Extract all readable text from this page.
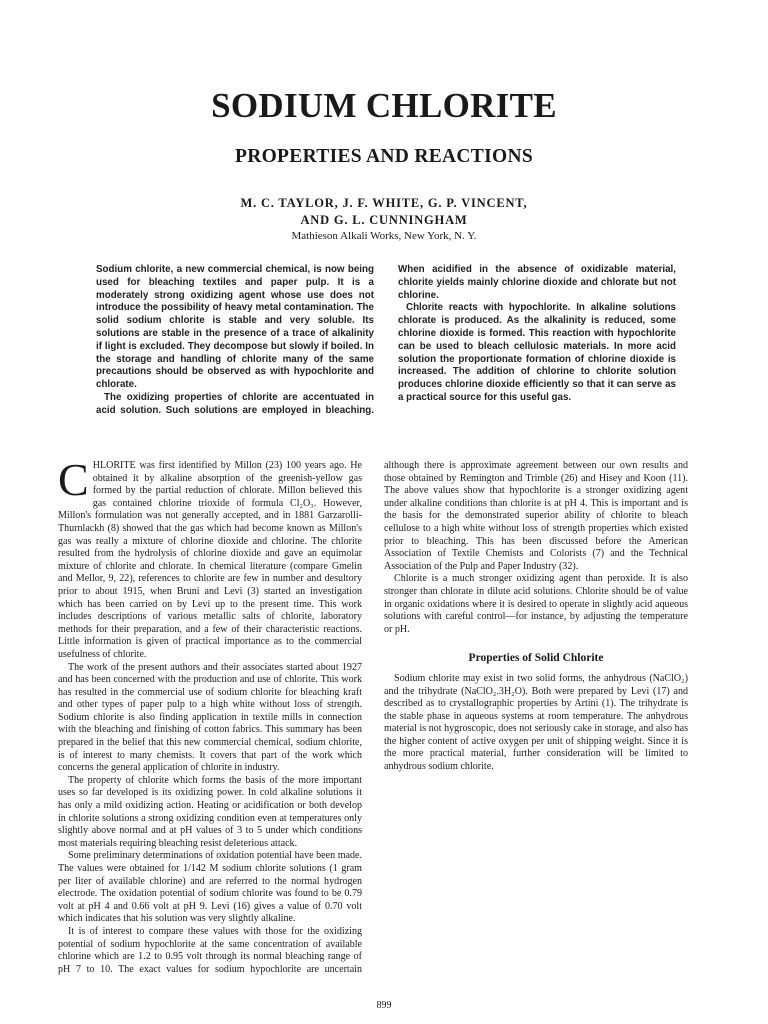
SODIUM CHLORITE
PROPERTIES AND REACTIONS
M. C. TAYLOR, J. F. WHITE, G. P. VINCENT,
AND G. L. CUNNINGHAM
Mathieson Alkali Works, New York, N. Y.

Sodium chlorite, a new commercial chemical, is now being used for bleaching textiles and paper pulp. It is a moderately strong oxidizing agent whose use does not introduce the possibility of heavy metal contamination. The solid sodium chlorite is stable and very soluble. Its solutions are stable in the presence of a trace of alkalinity if light is excluded. They decompose but slowly if boiled. In the storage and handling of chlorite many of the same precautions should be observed as with hypochlorite and chlorate.

The oxidizing properties of chlorite are accentuated in acid solution. Such solutions are employed in bleaching. When acidified in the absence of oxidizable material, chlorite yields mainly chlorine dioxide and chlorate but not chlorine.

Chlorite reacts with hypochlorite. In alkaline solutions chlorate is produced. As the alkalinity is reduced, some chlorine dioxide is formed. This reaction with hypochlorite can be used to bleach cellulosic materials. In more acid solution the proportionate formation of chlorine dioxide is increased. The addition of chlorine to chlorite solution produces chlorine dioxide efficiently so that it can serve as a practical source for this useful gas.

CHLORITE was first identified by Millon (23) 100 years ago. He obtained it by alkaline absorption of the greenish-yellow gas formed by the partial reduction of chlorate. Millon believed this gas contained chlorine trioxide of formula Cl₂O₃. However, Millon's formulation was not generally accepted, and in 1881 Garzarolli-Thurnlackh (8) showed that the gas which had become known as Millon's gas was really a mixture of chlorine dioxide and chlorine. The chlorite resulted from the hydrolysis of chlorine dioxide and gave an equimolar mixture of chlorite and chlorate. In chemical literature (compare Gmelin and Mellor, 9, 22), references to chlorite are few in number and desultory prior to about 1915, when Bruni and Levi (3) started an investigation which has been carried on by Levi up to the present time. This work includes descriptions of various metallic salts of chlorite, laboratory methods for their preparation, and a few of their characteristic reactions. Little information is given of practical importance as to the commercial usefulness of chlorite.

The work of the present authors and their associates started about 1927 and has been concerned with the production and use of chlorite. This work has resulted in the commercial use of sodium chlorite for bleaching kraft and other types of paper pulp to a high white without loss of strength. Sodium chlorite is also finding application in textile mills in connection with the bleaching and finishing of cotton fabrics. This summary has been prepared in the belief that this new commercial chemical, sodium chlorite, is of interest to many chemists. It covers that part of the work which concerns the general application of chlorite in industry.

The property of chlorite which forms the basis of the more important uses so far developed is its oxidizing power. In cold alkaline solutions it has only a mild oxidizing action. Heating or acidification or both develop in chlorite solutions a strong oxidizing condition even at temperatures only slightly above normal and at pH values of 3 to 5 under which conditions most materials requiring bleaching resist deleterious attack.

Some preliminary determinations of oxidation potential have been made. The values were obtained for 1/142 M sodium chlorite solutions (1 gram per liter of available chlorine) and are referred to the normal hydrogen electrode. The oxidation potential of sodium chlorite was found to be 0.79 volt at pH 4 and 0.66 volt at pH 9. Levi (16) gives a value of 0.70 volt which indicates that his solution was very slightly alkaline.

It is of interest to compare these values with those for the oxidizing potential of sodium hypochlorite at the same concentration of available chlorine which are 1.2 to 0.95 volt through its normal bleaching range of pH 7 to 10. The exact values for sodium hypochlorite are uncertain although there is approximate agreement between our own results and those obtained by Remington and Trimble (26) and Hisey and Koon (11). The above values show that hypochlorite is a stronger oxidizing agent under alkaline conditions than chlorite is at pH 4. This is important and is the basis for the demonstrated superior ability of chlorite to bleach cellulose to a high white without loss of strength properties which existed prior to bleaching. This has been discussed before the American Association of Textile Chemists and Colorists (7) and the Technical Association of the Pulp and Paper Industry (32).

Chlorite is a much stronger oxidizing agent than peroxide. It is also stronger than chlorate in dilute acid solutions. Chlorite should be of value in organic oxidations where it is desired to operate in slightly acid aqueous solutions with careful control—for instance, by adjusting the temperature or pH.

Properties of Solid Chlorite

Sodium chlorite may exist in two solid forms, the anhydrous (NaClO₂) and the trihydrate (NaClO₂.3H₂O). Both were prepared by Levi (17) and described as to crystallographic properties by Artini (1). The trihydrate is the stable phase in aqueous systems at room temperature. The anhydrous material is not hygroscopic, does not seriously cake in storage, and also has the higher content of active oxygen per unit of shipping weight. Since it is the more practical material, further consideration will be limited to anhydrous sodium chlorite.

899
